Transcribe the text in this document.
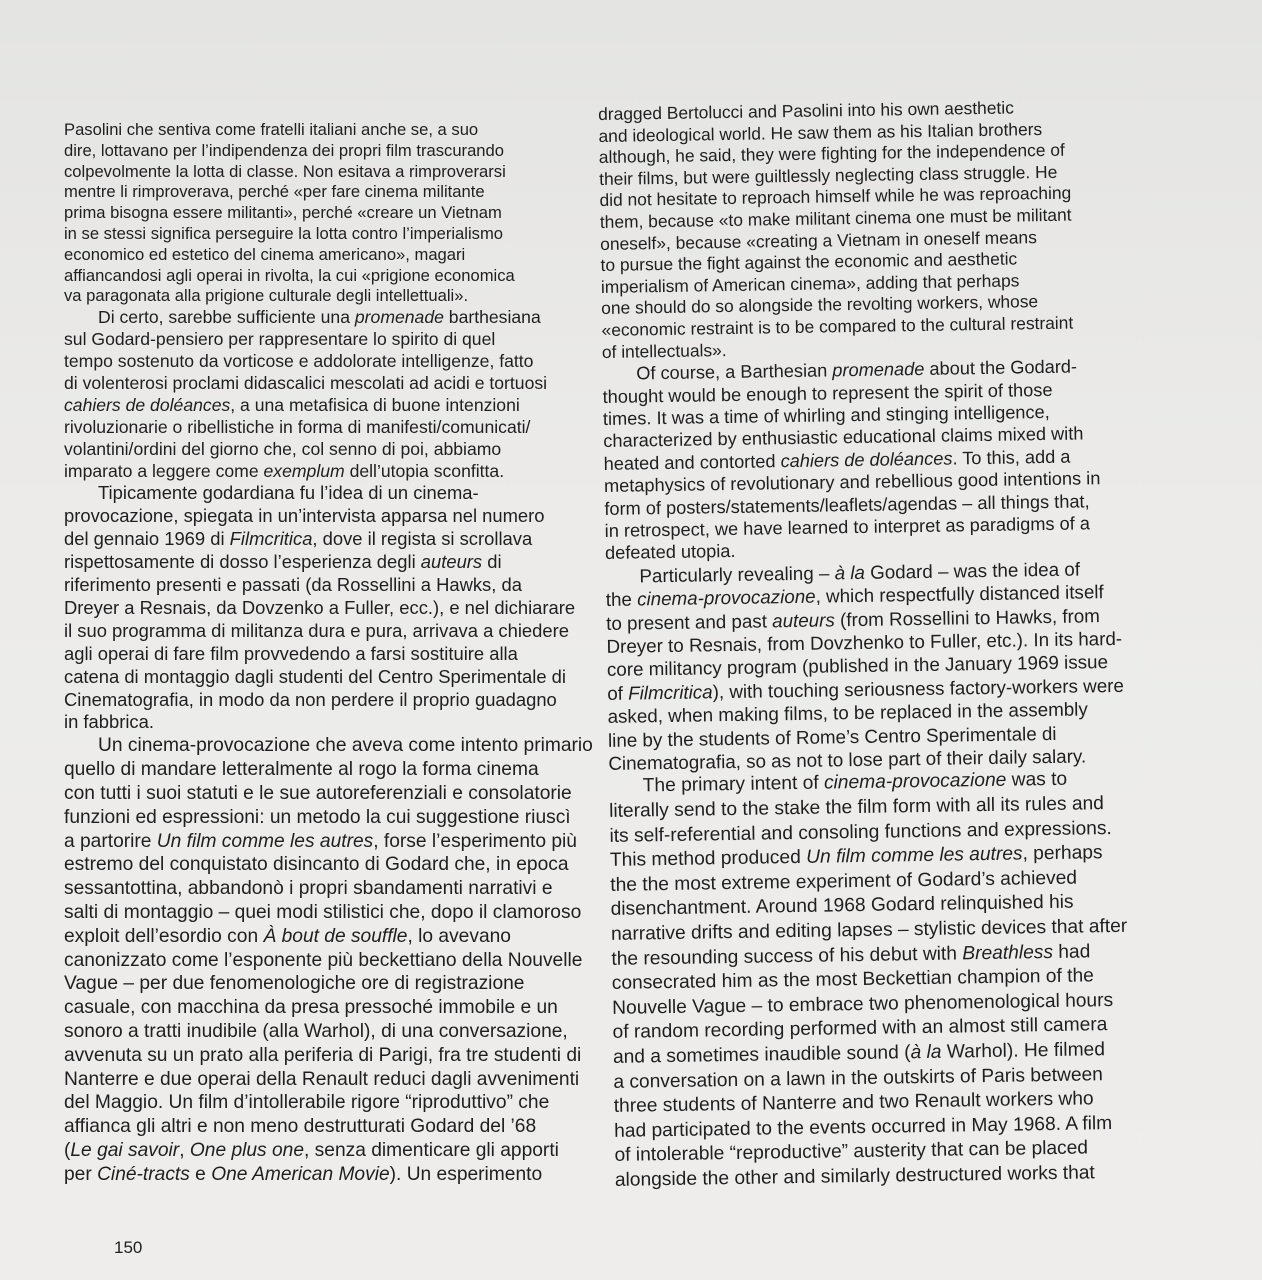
Pasolini che sentiva come fratelli italiani anche se, a suo
dire, lottavano per l’indipendenza dei propri film trascurando
colpevolmente la lotta di classe. Non esitava a rimproverarsi
mentre li rimproverava, perché «per fare cinema militante
prima bisogna essere militanti», perché «creare un Vietnam
in se stessi significa perseguire la lotta contro l’imperialismo
economico ed estetico del cinema americano», magari
affiancandosi agli operai in rivolta, la cui «prigione economica
va paragonata alla prigione culturale degli intellettuali».
Di certo, sarebbe sufficiente una promenade barthesiana
sul Godard-pensiero per rappresentare lo spirito di quel
tempo sostenuto da vorticose e addolorate intelligenze, fatto
di volenterosi proclami didascalici mescolati ad acidi e tortuosi
cahiers de doléances, a una metafisica di buone intenzioni
rivoluzionarie o ribellistiche in forma di manifesti/comunicati/
volantini/ordini del giorno che, col senno di poi, abbiamo
imparato a leggere come exemplum dell’utopia sconfitta.
Tipicamente godardiana fu l’idea di un cinema-
provocazione, spiegata in un’intervista apparsa nel numero
del gennaio 1969 di Filmcritica, dove il regista si scrollava
rispettosamente di dosso l’esperienza degli auteurs di
riferimento presenti e passati (da Rossellini a Hawks, da
Dreyer a Resnais, da Dovzenko a Fuller, ecc.), e nel dichiarare
il suo programma di militanza dura e pura, arrivava a chiedere
agli operai di fare film provvedendo a farsi sostituire alla
catena di montaggio dagli studenti del Centro Sperimentale di
Cinematografia, in modo da non perdere il proprio guadagno
in fabbrica.
Un cinema-provocazione che aveva come intento primario
quello di mandare letteralmente al rogo la forma cinema
con tutti i suoi statuti e le sue autoreferenziali e consolatorie
funzioni ed espressioni: un metodo la cui suggestione riuscì
a partorire Un film comme les autres, forse l’esperimento più
estremo del conquistato disincanto di Godard che, in epoca
sessantottina, abbandonò i propri sbandamenti narrativi e
salti di montaggio – quei modi stilistici che, dopo il clamoroso
exploit dell’esordio con À bout de souffle, lo avevano
canonizzato come l’esponente più beckettiano della Nouvelle
Vague – per due fenomenologiche ore di registrazione
casuale, con macchina da presa pressoché immobile e un
sonoro a tratti inudibile (alla Warhol), di una conversazione,
avvenuta su un prato alla periferia di Parigi, fra tre studenti di
Nanterre e due operai della Renault reduci dagli avvenimenti
del Maggio. Un film d’intollerabile rigore “riproduttivo” che
affianca gli altri e non meno destrutturati Godard del ’68
(Le gai savoir, One plus one, senza dimenticare gli apporti
per Ciné-tracts e One American Movie). Un esperimento
dragged Bertolucci and Pasolini into his own aesthetic
and ideological world. He saw them as his Italian brothers
although, he said, they were fighting for the independence of
their films, but were guiltlessly neglecting class struggle. He
did not hesitate to reproach himself while he was reproaching
them, because «to make militant cinema one must be militant
oneself», because «creating a Vietnam in oneself means
to pursue the fight against the economic and aesthetic
imperialism of American cinema», adding that perhaps
one should do so alongside the revolting workers, whose
«economic restraint is to be compared to the cultural restraint
of intellectuals».
Of course, a Barthesian promenade about the Godard-
thought would be enough to represent the spirit of those
times. It was a time of whirling and stinging intelligence,
characterized by enthusiastic educational claims mixed with
heated and contorted cahiers de doléances. To this, add a
metaphysics of revolutionary and rebellious good intentions in
form of posters/statements/leaflets/agendas – all things that,
in retrospect, we have learned to interpret as paradigms of a
defeated utopia.
Particularly revealing – à la Godard – was the idea of
the cinema-provocazione, which respectfully distanced itself
to present and past auteurs (from Rossellini to Hawks, from
Dreyer to Resnais, from Dovzhenko to Fuller, etc.). In its hard-
core militancy program (published in the January 1969 issue
of Filmcritica), with touching seriousness factory-workers were
asked, when making films, to be replaced in the assembly
line by the students of Rome’s Centro Sperimentale di
Cinematografia, so as not to lose part of their daily salary.
The primary intent of cinema-provocazione was to
literally send to the stake the film form with all its rules and
its self-referential and consoling functions and expressions.
This method produced Un film comme les autres, perhaps
the the most extreme experiment of Godard’s achieved
disenchantment. Around 1968 Godard relinquished his
narrative drifts and editing lapses – stylistic devices that after
the resounding success of his debut with Breathless had
consecrated him as the most Beckettian champion of the
Nouvelle Vague – to embrace two phenomenological hours
of random recording performed with an almost still camera
and a sometimes inaudible sound (à la Warhol). He filmed
a conversation on a lawn in the outskirts of Paris between
three students of Nanterre and two Renault workers who
had participated to the events occurred in May 1968. A film
of intolerable “reproductive” austerity that can be placed
alongside the other and similarly destructured works that
150
